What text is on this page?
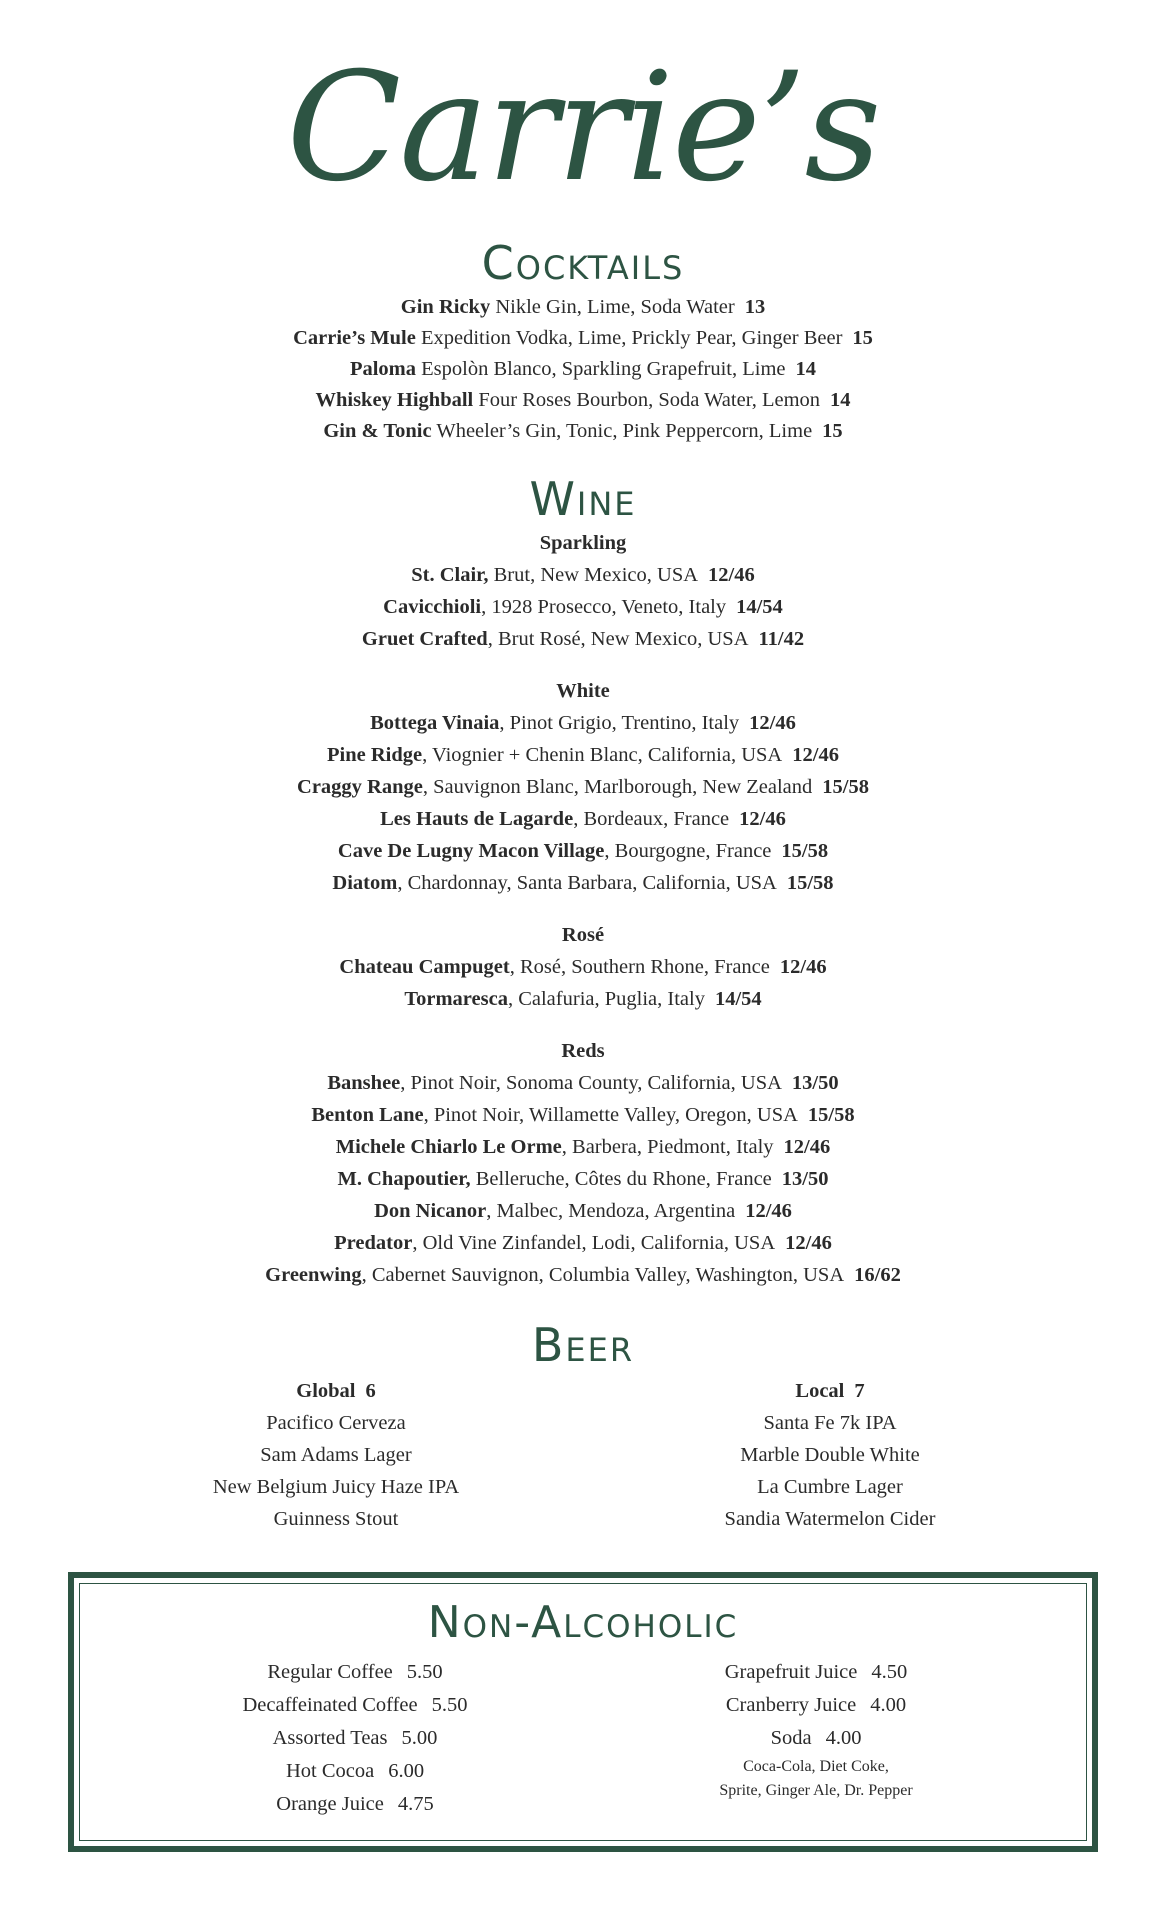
Carrie’s
Cocktails
Gin Ricky Nikle Gin, Lime, Soda Water 13
Carrie’s Mule Expedition Vodka, Lime, Prickly Pear, Ginger Beer 15
Paloma Espolòn Blanco, Sparkling Grapefruit, Lime 14
Whiskey Highball Four Roses Bourbon, Soda Water, Lemon 14
Gin & Tonic Wheeler’s Gin, Tonic, Pink Peppercorn, Lime 15
Wine
Sparkling
St. Clair, Brut, New Mexico, USA 12/46
Cavicchioli, 1928 Prosecco, Veneto, Italy 14/54
Gruet Crafted, Brut Rosé, New Mexico, USA 11/42
White
Bottega Vinaia, Pinot Grigio, Trentino, Italy 12/46
Pine Ridge, Viognier + Chenin Blanc, California, USA 12/46
Craggy Range, Sauvignon Blanc, Marlborough, New Zealand 15/58
Les Hauts de Lagarde, Bordeaux, France 12/46
Cave De Lugny Macon Village, Bourgogne, France 15/58
Diatom, Chardonnay, Santa Barbara, California, USA 15/58
Rosé
Chateau Campuget, Rosé, Southern Rhone, France 12/46
Tormaresca, Calafuria, Puglia, Italy 14/54
Reds
Banshee, Pinot Noir, Sonoma County, California, USA 13/50
Benton Lane, Pinot Noir, Willamette Valley, Oregon, USA 15/58
Michele Chiarlo Le Orme, Barbera, Piedmont, Italy 12/46
M. Chapoutier, Belleruche, Côtes du Rhone, France 13/50
Don Nicanor, Malbec, Mendoza, Argentina 12/46
Predator, Old Vine Zinfandel, Lodi, California, USA 12/46
Greenwing, Cabernet Sauvignon, Columbia Valley, Washington, USA 16/62
Beer
Global 6
Pacifico Cerveza
Sam Adams Lager
New Belgium Juicy Haze IPA
Guinness Stout
Local 7
Santa Fe 7k IPA
Marble Double White
La Cumbre Lager
Sandia Watermelon Cider
Non-Alcoholic
Regular Coffee 5.50
Decaffeinated Coffee 5.50
Assorted Teas 5.00
Hot Cocoa 6.00
Orange Juice 4.75
Grapefruit Juice 4.50
Cranberry Juice 4.00
Soda 4.00
Coca-Cola, Diet Coke,
Sprite, Ginger Ale, Dr. Pepper
